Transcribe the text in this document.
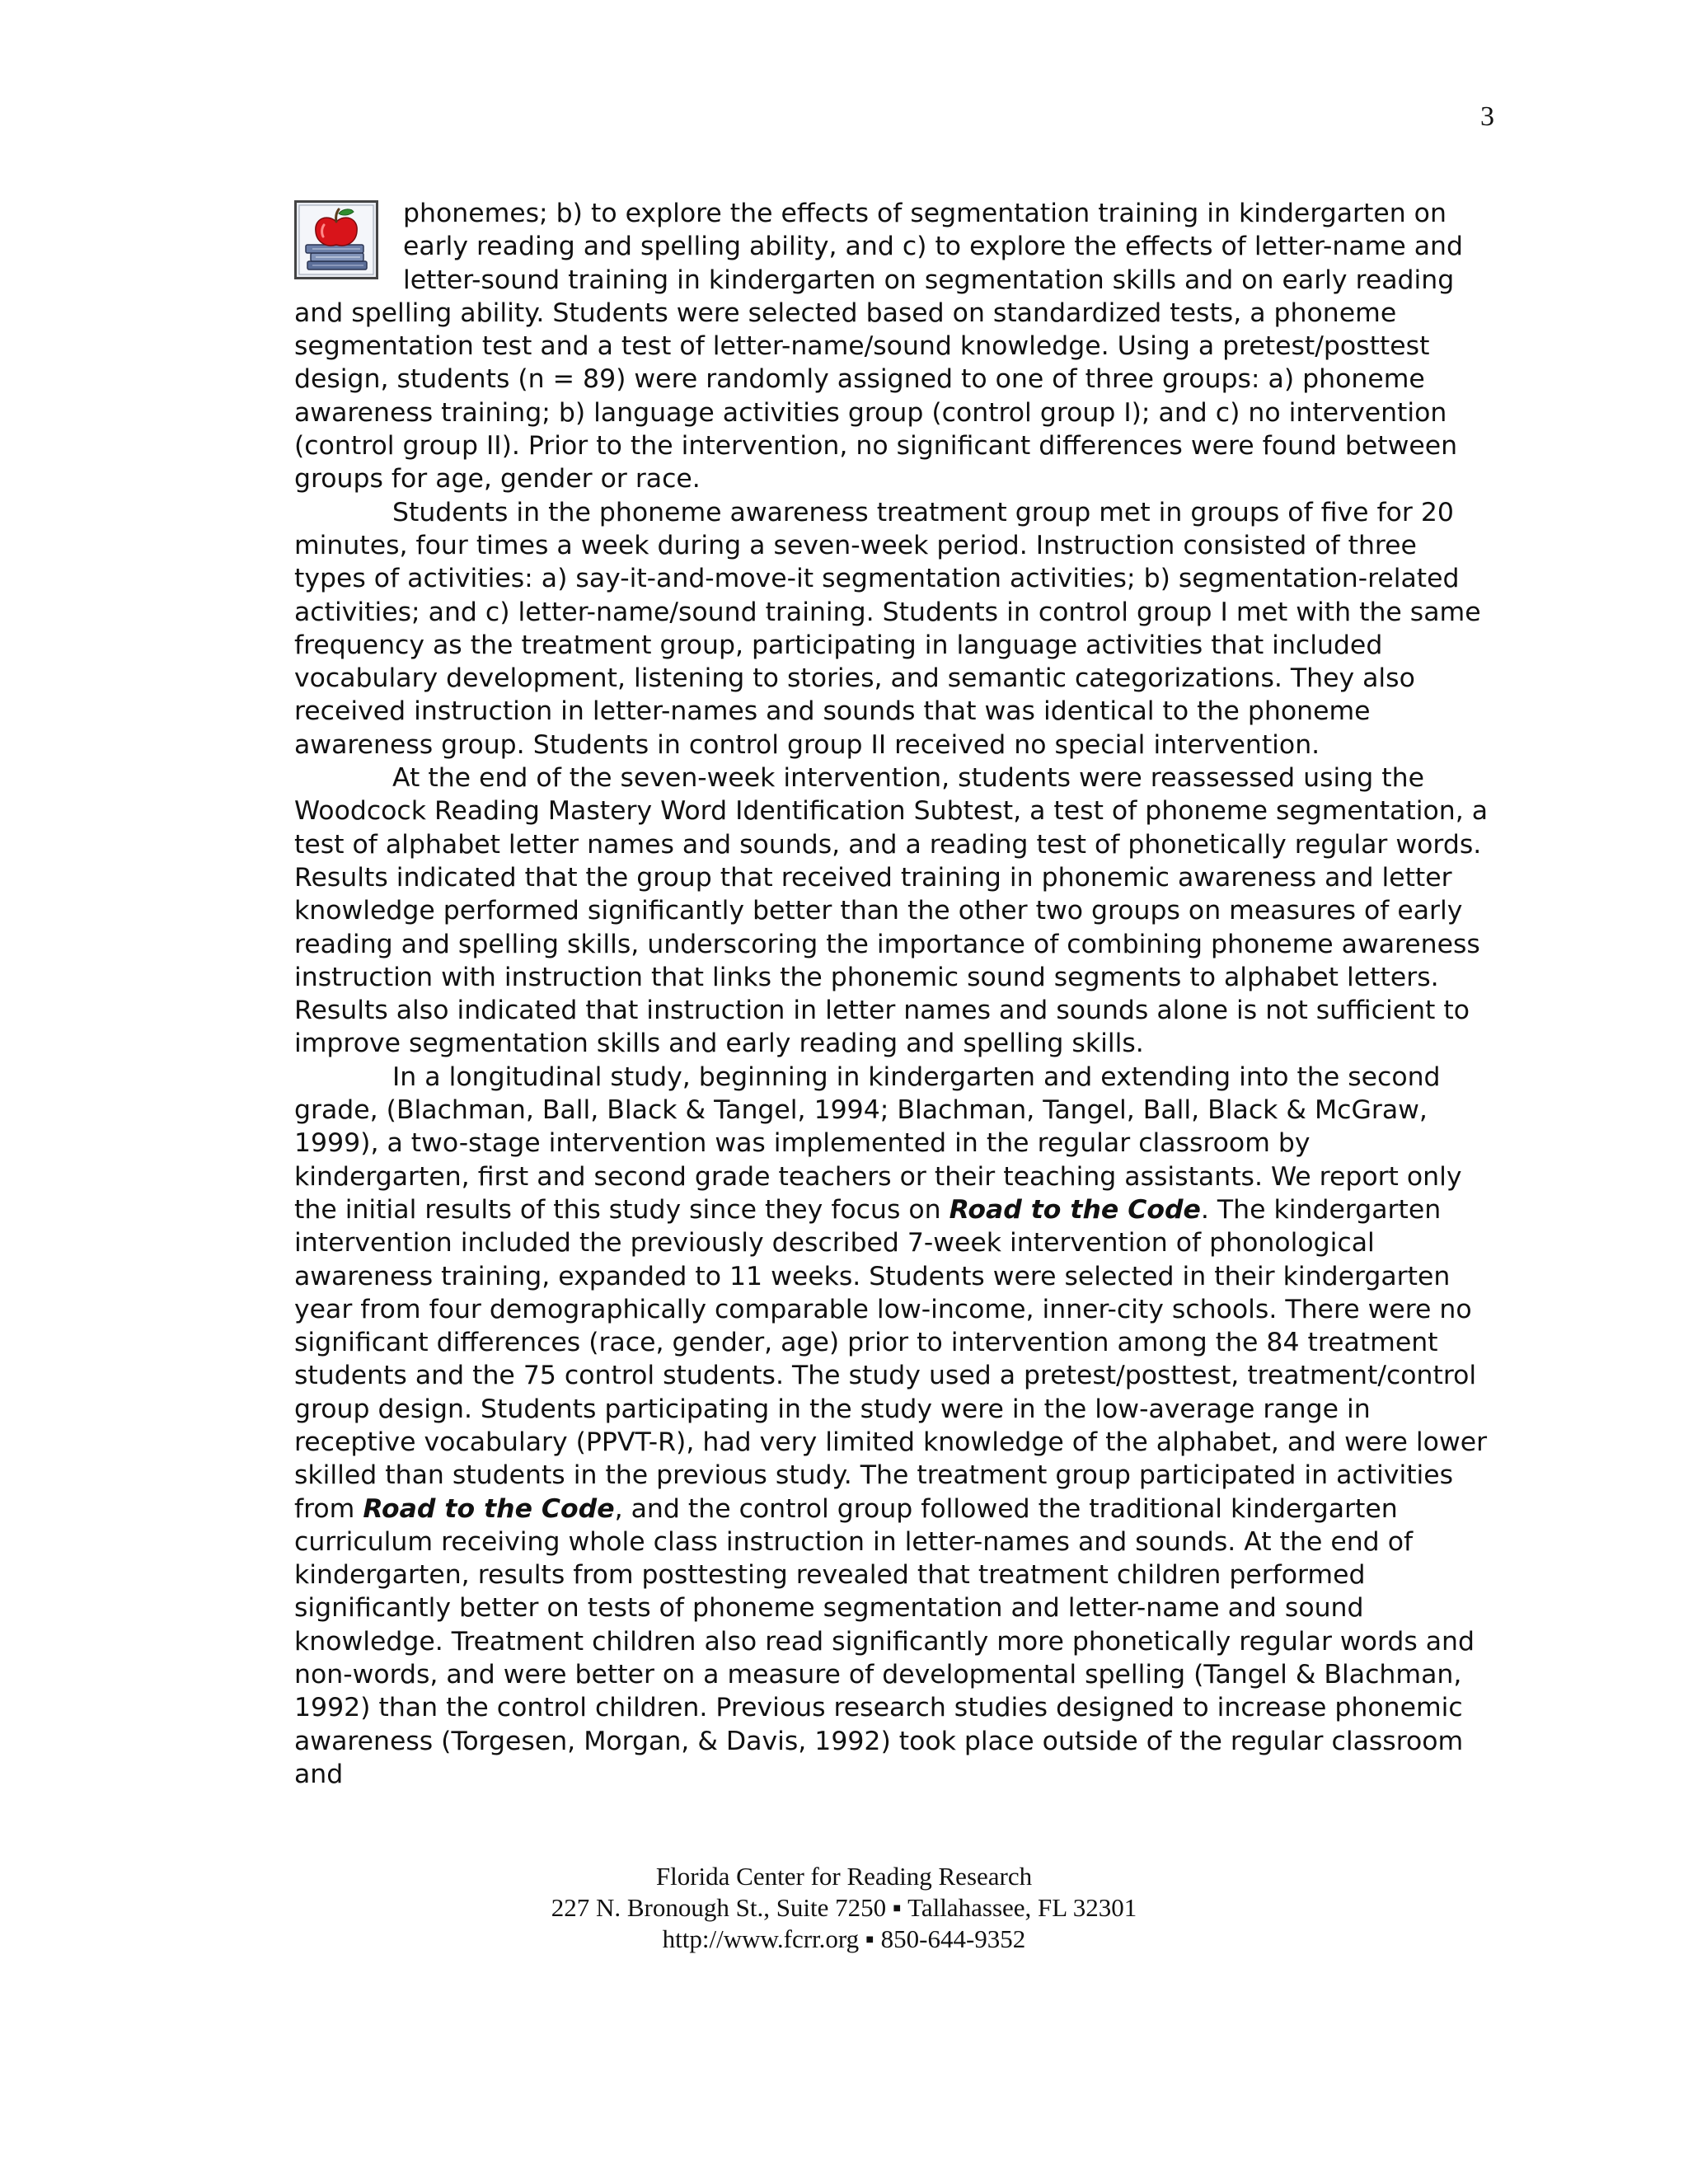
3

phonemes; b) to explore the effects of segmentation training in kindergarten on early reading and spelling ability, and c) to explore the effects of letter-name and letter-sound training in kindergarten on segmentation skills and on early reading and spelling ability. Students were selected based on standardized tests, a phoneme segmentation test and a test of letter-name/sound knowledge. Using a pretest/posttest design, students (n = 89) were randomly assigned to one of three groups: a) phoneme awareness training; b) language activities group (control group I); and c) no intervention (control group II). Prior to the intervention, no significant differences were found between groups for age, gender or race.

Students in the phoneme awareness treatment group met in groups of five for 20 minutes, four times a week during a seven-week period. Instruction consisted of three types of activities: a) say-it-and-move-it segmentation activities; b) segmentation-related activities; and c) letter-name/sound training. Students in control group I met with the same frequency as the treatment group, participating in language activities that included vocabulary development, listening to stories, and semantic categorizations. They also received instruction in letter-names and sounds that was identical to the phoneme awareness group. Students in control group II received no special intervention.

At the end of the seven-week intervention, students were reassessed using the Woodcock Reading Mastery Word Identification Subtest, a test of phoneme segmentation, a test of alphabet letter names and sounds, and a reading test of phonetically regular words. Results indicated that the group that received training in phonemic awareness and letter knowledge performed significantly better than the other two groups on measures of early reading and spelling skills, underscoring the importance of combining phoneme awareness instruction with instruction that links the phonemic sound segments to alphabet letters. Results also indicated that instruction in letter names and sounds alone is not sufficient to improve segmentation skills and early reading and spelling skills.

In a longitudinal study, beginning in kindergarten and extending into the second grade, (Blachman, Ball, Black & Tangel, 1994; Blachman, Tangel, Ball, Black & McGraw, 1999), a two-stage intervention was implemented in the regular classroom by kindergarten, first and second grade teachers or their teaching assistants. We report only the initial results of this study since they focus on Road to the Code. The kindergarten intervention included the previously described 7-week intervention of phonological awareness training, expanded to 11 weeks. Students were selected in their kindergarten year from four demographically comparable low-income, inner-city schools. There were no significant differences (race, gender, age) prior to intervention among the 84 treatment students and the 75 control students. The study used a pretest/posttest, treatment/control group design. Students participating in the study were in the low-average range in receptive vocabulary (PPVT-R), had very limited knowledge of the alphabet, and were lower skilled than students in the previous study. The treatment group participated in activities from Road to the Code, and the control group followed the traditional kindergarten curriculum receiving whole class instruction in letter-names and sounds. At the end of kindergarten, results from posttesting revealed that treatment children performed significantly better on tests of phoneme segmentation and letter-name and sound knowledge. Treatment children also read significantly more phonetically regular words and non-words, and were better on a measure of developmental spelling (Tangel & Blachman, 1992) than the control children. Previous research studies designed to increase phonemic awareness (Torgesen, Morgan, & Davis, 1992) took place outside of the regular classroom and

Florida Center for Reading Research
227 N. Bronough St., Suite 7250 ▪ Tallahassee, FL 32301
http://www.fcrr.org ▪ 850-644-9352
